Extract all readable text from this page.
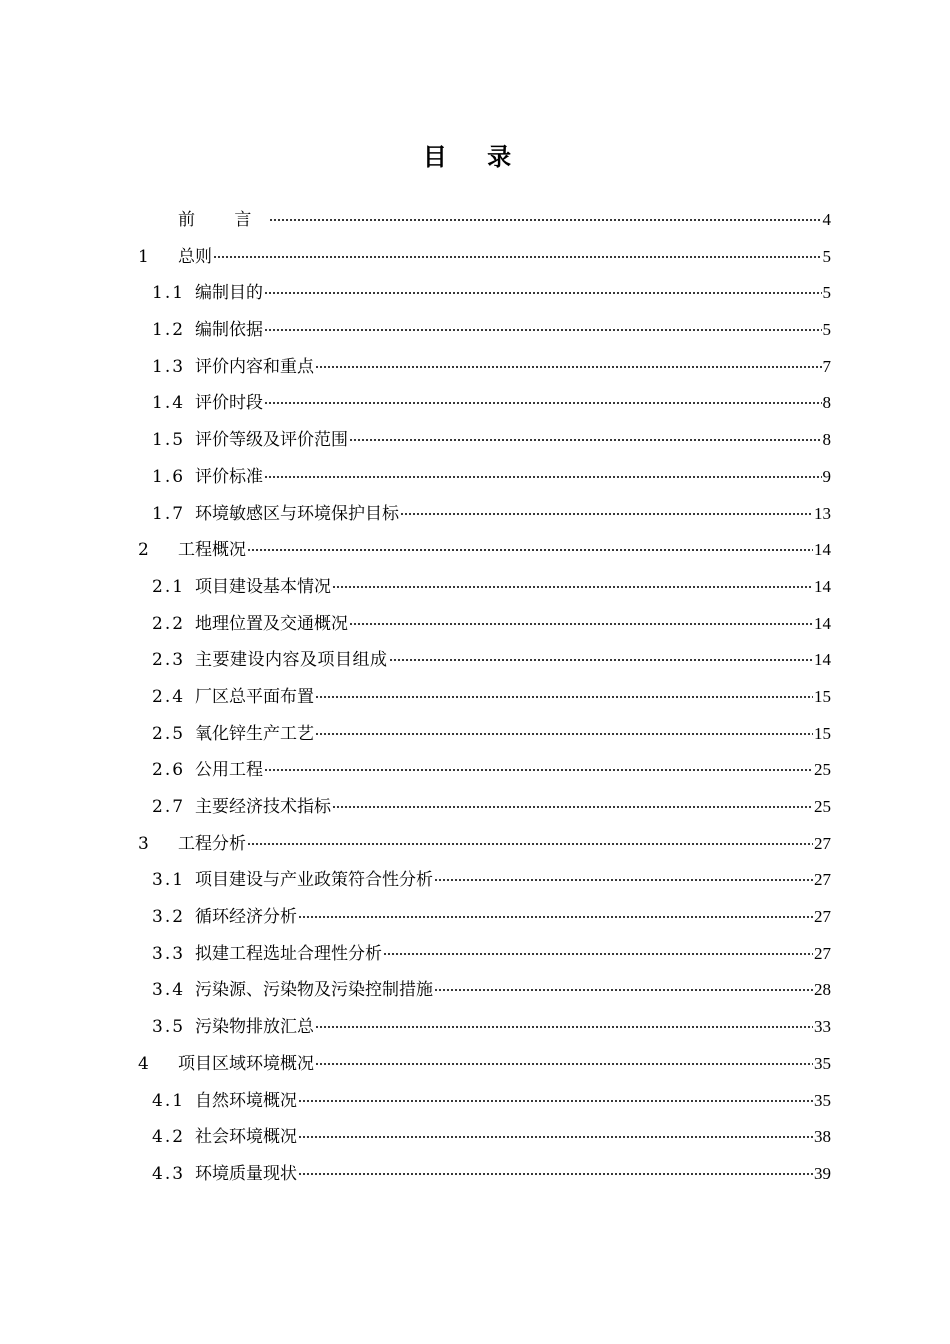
目 录
前 言	4
1	总则	5
1.1 编制目的	5
1.2 编制依据	5
1.3 评价内容和重点	7
1.4 评价时段	8
1.5 评价等级及评价范围	8
1.6 评价标准	9
1.7 环境敏感区与环境保护目标	13
2	工程概况	14
2.1 项目建设基本情况	14
2.2 地理位置及交通概况	14
2.3 主要建设内容及项目组成	14
2.4 厂区总平面布置	15
2.5 氧化锌生产工艺	15
2.6 公用工程	25
2.7 主要经济技术指标	25
3	工程分析	27
3.1 项目建设与产业政策符合性分析	27
3.2 循环经济分析	27
3.3 拟建工程选址合理性分析	27
3.4 污染源、污染物及污染控制措施	28
3.5 污染物排放汇总	33
4	项目区域环境概况	35
4.1 自然环境概况	35
4.2 社会环境概况	38
4.3 环境质量现状	39
